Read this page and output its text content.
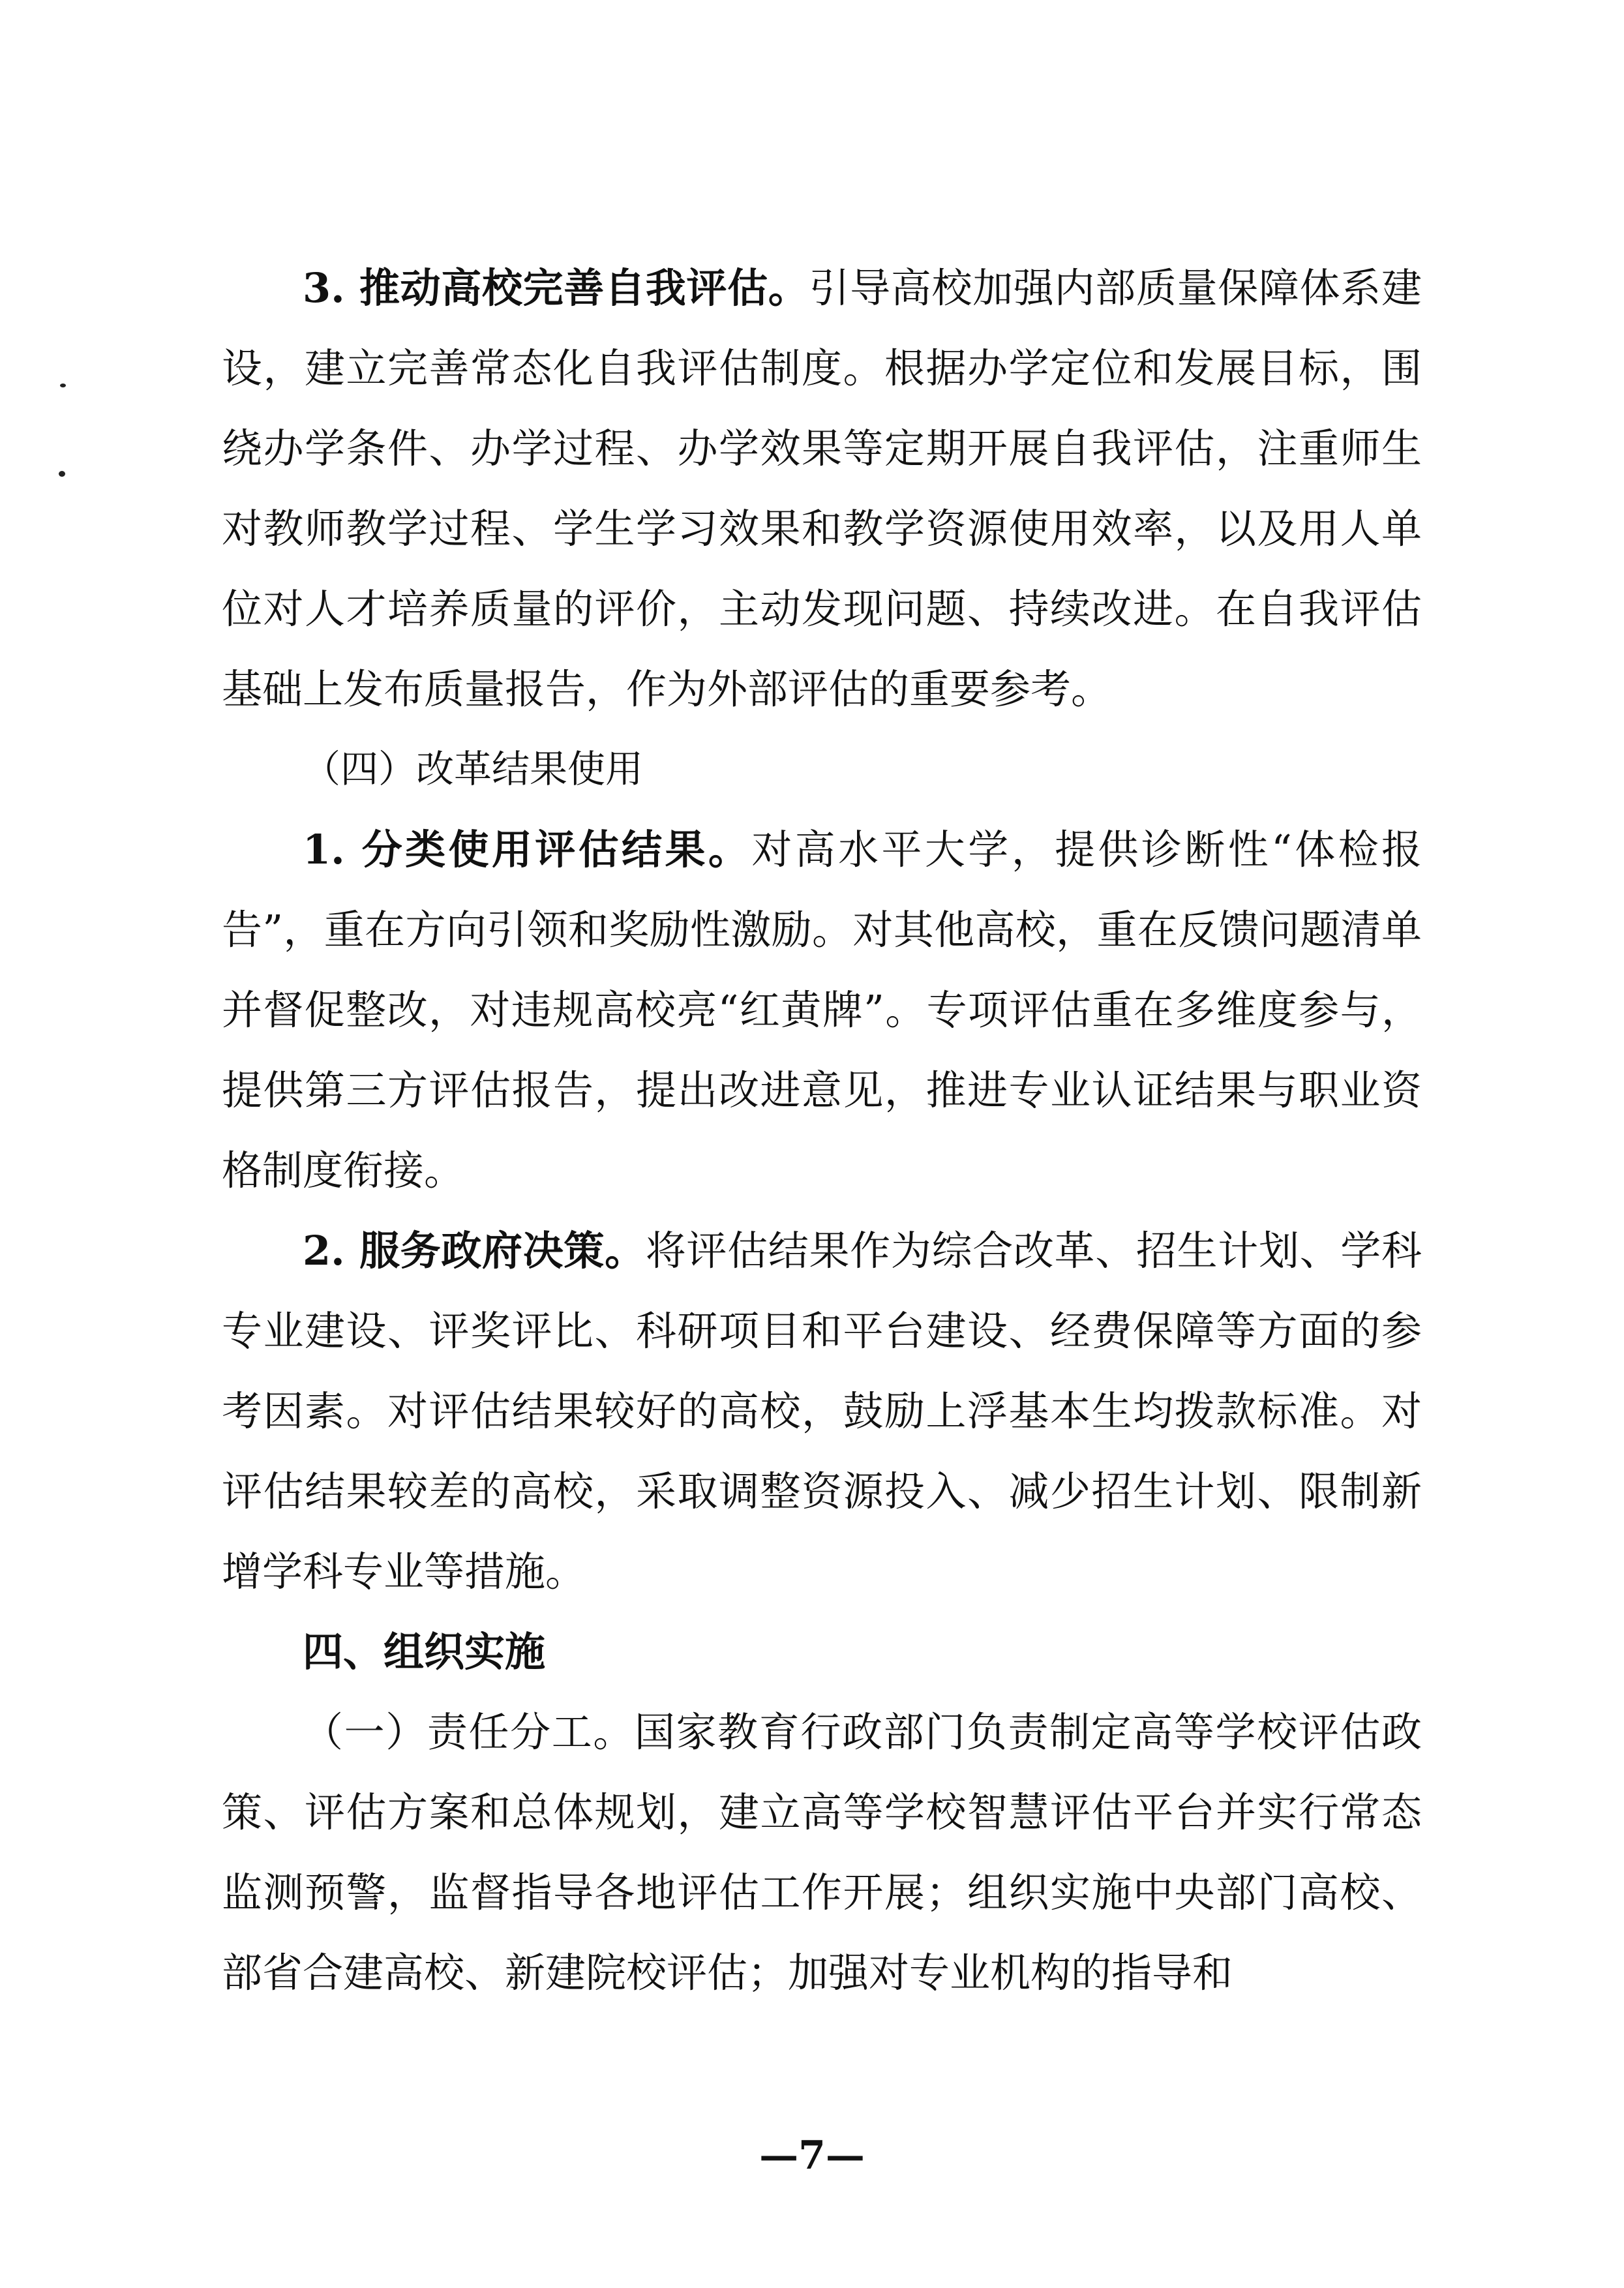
3. 推动高校完善自我评估。引导高校加强内部质量保障体系建设，建立完善常态化自我评估制度。根据办学定位和发展目标，围绕办学条件、办学过程、办学效果等定期开展自我评估，注重师生对教师教学过程、学生学习效果和教学资源使用效率，以及用人单位对人才培养质量的评价，主动发现问题、持续改进。在自我评估基础上发布质量报告，作为外部评估的重要参考。

（四）改革结果使用

1. 分类使用评估结果。对高水平大学，提供诊断性“体检报告”，重在方向引领和奖励性激励。对其他高校，重在反馈问题清单并督促整改，对违规高校亮“红黄牌”。专项评估重在多维度参与，提供第三方评估报告，提出改进意见，推进专业认证结果与职业资格制度衔接。

2. 服务政府决策。将评估结果作为综合改革、招生计划、学科专业建设、评奖评比、科研项目和平台建设、经费保障等方面的参考因素。对评估结果较好的高校，鼓励上浮基本生均拨款标准。对评估结果较差的高校，采取调整资源投入、减少招生计划、限制新增学科专业等措施。

四、组织实施

（一）责任分工。国家教育行政部门负责制定高等学校评估政策、评估方案和总体规划，建立高等学校智慧评估平台并实行常态监测预警，监督指导各地评估工作开展；组织实施中央部门高校、部省合建高校、新建院校评估；加强对专业机构的指导和

—7—
